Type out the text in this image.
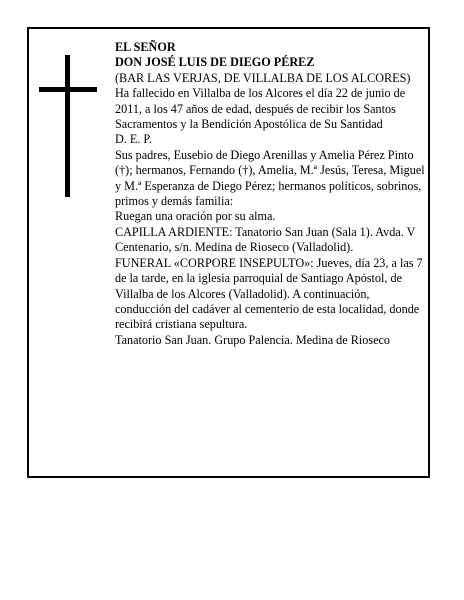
EL SEÑOR

DON JOSÉ LUIS DE DIEGO PÉREZ

(BAR LAS VERJAS, DE VILLALBA DE LOS ALCORES)

Ha fallecido en Villalba de los Alcores el día 22 de junio de 2011, a los 47 años de edad, después de recibir los Santos Sacramentos y la Bendición Apostólica de Su Santidad

D. E. P.

Sus padres, Eusebio de Diego Arenillas y Amelia Pérez Pinto (†); hermanos, Fernando (†), Amelia, M.ª Jesús, Teresa, Miguel y M.ª Esperanza de Diego Pérez; hermanos políticos, sobrinos, primos y demás familia:

Ruegan una oración por su alma.

CAPILLA ARDIENTE: Tanatorio San Juan (Sala 1). Avda. V Centenario, s/n. Medina de Rioseco (Valladolid).

FUNERAL «CORPORE INSEPULTO»: Jueves, día 23, a las 7 de la tarde, en la iglesia parroquial de Santiago Apóstol, de Villalba de los Alcores (Valladolid). A continuación, conducción del cadáver al cementerio de esta localidad, donde recibirá cristiana sepultura.

Tanatorio San Juan. Grupo Palencia. Medina de Rioseco
